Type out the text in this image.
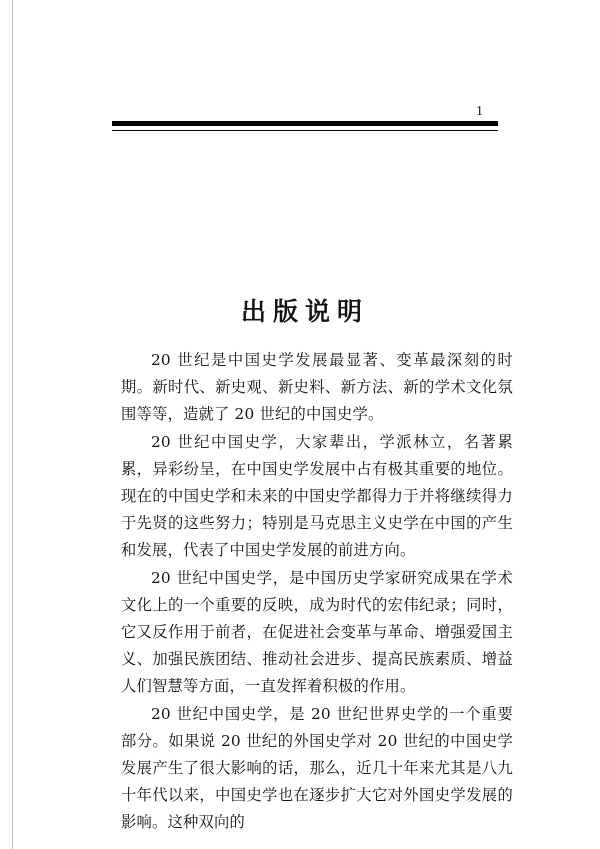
1
出版说明

20 世纪是中国史学发展最显著、变革最深刻的时期。新时代、新史观、新史料、新方法、新的学术文化氛围等等，造就了 20 世纪的中国史学。

20 世纪中国史学，大家辈出，学派林立，名著累累，异彩纷呈，在中国史学发展中占有极其重要的地位。现在的中国史学和未来的中国史学都得力于并将继续得力于先贤的这些努力；特别是马克思主义史学在中国的产生和发展，代表了中国史学发展的前进方向。

20 世纪中国史学，是中国历史学家研究成果在学术文化上的一个重要的反映，成为时代的宏伟纪录；同时，它又反作用于前者，在促进社会变革与革命、增强爱国主义、加强民族团结、推动社会进步、提高民族素质、增益人们智慧等方面，一直发挥着积极的作用。

20 世纪中国史学，是 20 世纪世界史学的一个重要部分。如果说 20 世纪的外国史学对 20 世纪的中国史学发展产生了很大影响的话，那么，近几十年来尤其是八九十年代以来，中国史学也在逐步扩大它对外国史学发展的影响。这种双向的
